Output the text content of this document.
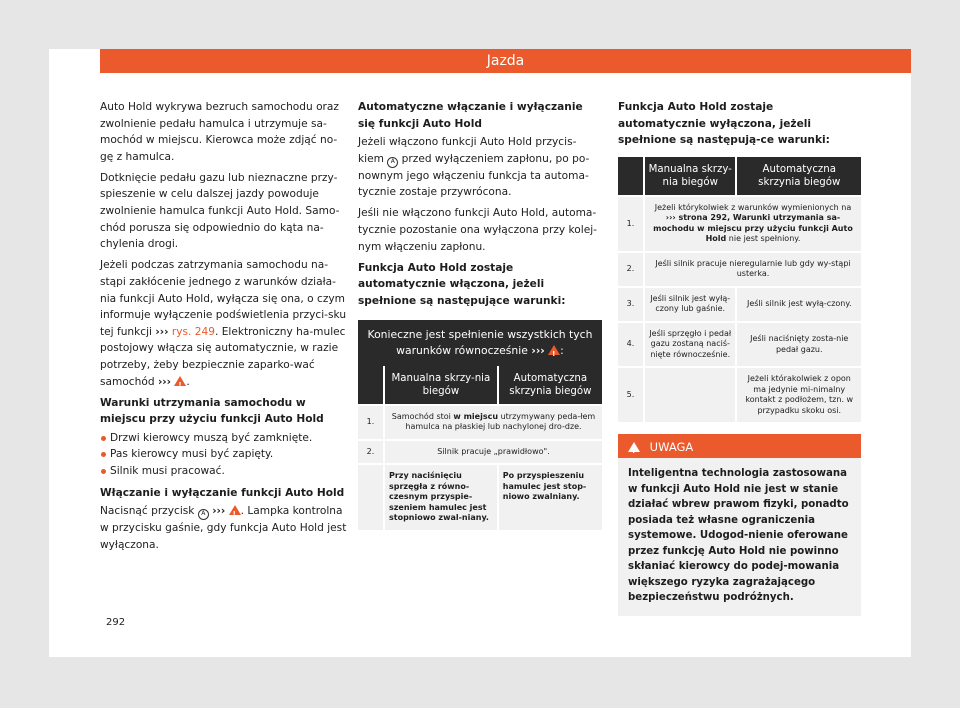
Jazda

Auto Hold wykrywa bezruch samochodu oraz zwolnienie pedału hamulca i utrzymuje sa-mochód w miejscu. Kierowca może zdjąć no-gę z hamulca.

Dotknięcie pedału gazu lub nieznaczne przy-spieszenie w celu dalszej jazdy powoduje zwolnienie hamulca funkcji Auto Hold. Samo-chód porusza się odpowiednio do kąta na-chylenia drogi.

Jeżeli podczas zatrzymania samochodu na-stąpi zakłócenie jednego z warunków działa-nia funkcji Auto Hold, wyłącza się ona, o czym informuje wyłączenie podświetlenia przyci-sku tej funkcji ››› rys. 249. Elektroniczny ha-mulec postojowy włącza się automatycznie, w razie potrzeby, żeby bezpiecznie zaparko-wać samochód ››› ! .

Warunki utrzymania samochodu w miejscu przy użyciu funkcji Auto Hold

Drzwi kierowcy muszą być zamknięte.
Pas kierowcy musi być zapięty.
Silnik musi pracować.

Włączanie i wyłączanie funkcji Auto Hold

Nacisnąć przycisk A ››› ! . Lampka kontrolna w przycisku gaśnie, gdy funkcja Auto Hold jest wyłączona.

Automatyczne włączanie i wyłączanie się funkcji Auto Hold

Jeżeli włączono funkcji Auto Hold przycis-kiem A przed wyłączeniem zapłonu, po po-nownym jego włączeniu funkcja ta automa-tycznie zostaje przywrócona.

Jeśli nie włączono funkcji Auto Hold, automa-tycznie pozostanie ona wyłączona przy kolej-nym włączeniu zapłonu.

Funkcja Auto Hold zostaje automatycznie włączona, jeżeli spełnione są następujące warunki:

Konieczne jest spełnienie wszystkich tych warunków równocześnie ››› ! :
	Manualna skrzy-nia biegów	Automatyczna skrzynia biegów
1.	Samochód stoi w miejscu utrzymywany peda-łem hamulca na płaskiej lub nachylonej dro-dze.	
2.	Silnik pracuje „prawidłowo".	
	Przy naciśnięciu sprzęgła z równo-czesnym przyspie-szeniem hamulec jest stopniowo zwal-niany.	Po przyspieszeniu hamulec jest stop-niowo zwalniany.

Funkcja Auto Hold zostaje automatycznie wyłączona, jeżeli spełnione są następują-ce warunki:

	Manualna skrzy-nia biegów	Automatyczna skrzynia biegów
1.	Jeżeli którykolwiek z warunków wymienionych na ››› strona 292, Warunki utrzymania sa-mochodu w miejscu przy użyciu funkcji Auto Hold nie jest spełniony.	
2.	Jeśli silnik pracuje nieregularnie lub gdy wy-stąpi usterka.	
3.	Jeśli silnik jest wyłą-czony lub gaśnie.	Jeśli silnik jest wyłą-czony.
4.	Jeśli sprzęgło i pedał gazu zostaną naciś-nięte równocześnie.	Jeśli naciśnięty zosta-nie pedał gazu.
5.		Jeżeli którakolwiek z opon ma jedynie mi-nimalny kontakt z podłożem, tzn. w przypadku skoku osi.
! UWAGA
Inteligentna technologia zastosowana w funkcji Auto Hold nie jest w stanie działać wbrew prawom fizyki, ponadto posiada też własne ograniczenia systemowe. Udogod-nienie oferowane przez funkcję Auto Hold nie powinno skłaniać kierowcy do podej-mowania większego ryzyka zagrażającego bezpieczeństwu podróżnych.
292
